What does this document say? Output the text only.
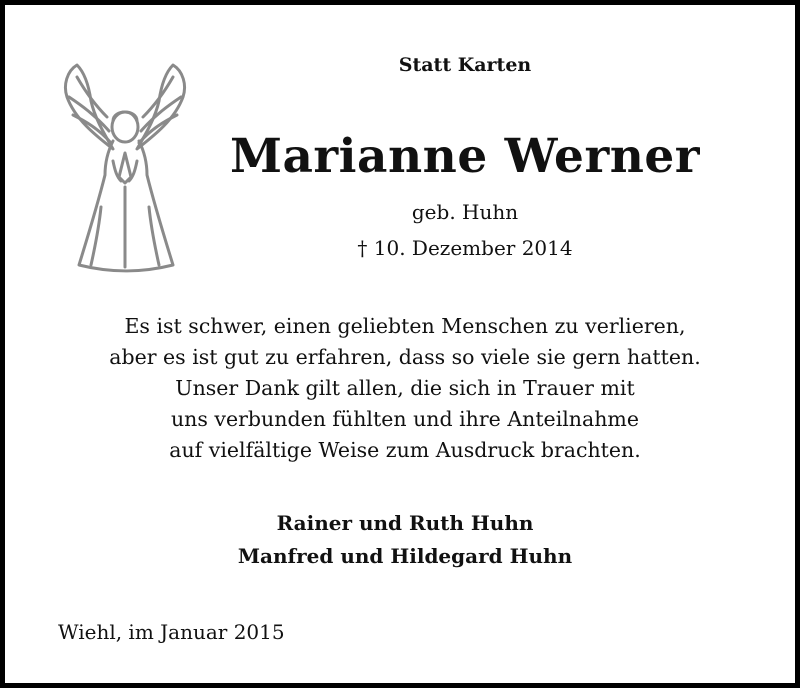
Statt Karten
Marianne Werner
geb. Huhn
† 10. Dezember 2014
Es ist schwer, einen geliebten Menschen zu verlieren,
aber es ist gut zu erfahren, dass so viele sie gern hatten.
Unser Dank gilt allen, die sich in Trauer mit
uns verbunden fühlten und ihre Anteilnahme
auf vielfältige Weise zum Ausdruck brachten.
Rainer und Ruth Huhn
Manfred und Hildegard Huhn
Wiehl, im Januar 2015
